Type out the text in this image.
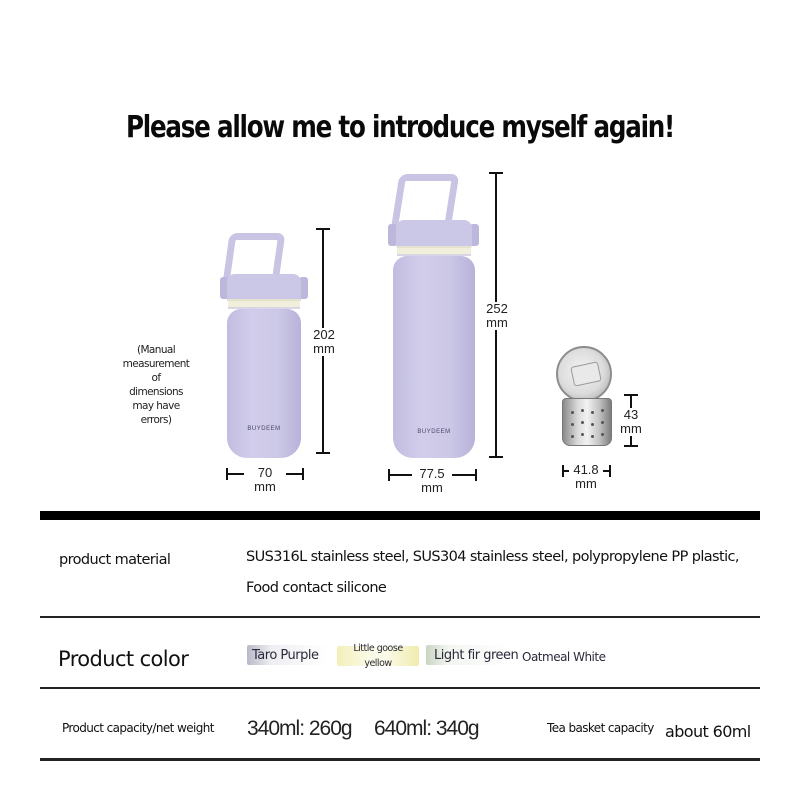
Please allow me to introduce myself again!
BUYDEEM
202
mm
70
mm
(Manual
measurement
of
dimensions
may have
errors)
BUYDEEM
252
mm
77.5
mm
43
mm
41.8
mm
product material	SUS316L stainless steel, SUS304 stainless steel, polypropylene PP plastic,
Food contact silicone
Product color	Taro Purple	Little goose
yellow
Light fir green Oatmeal White
Product capacity/net weight 340ml: 260g 640ml: 340g	Tea basket capacity about 60ml
